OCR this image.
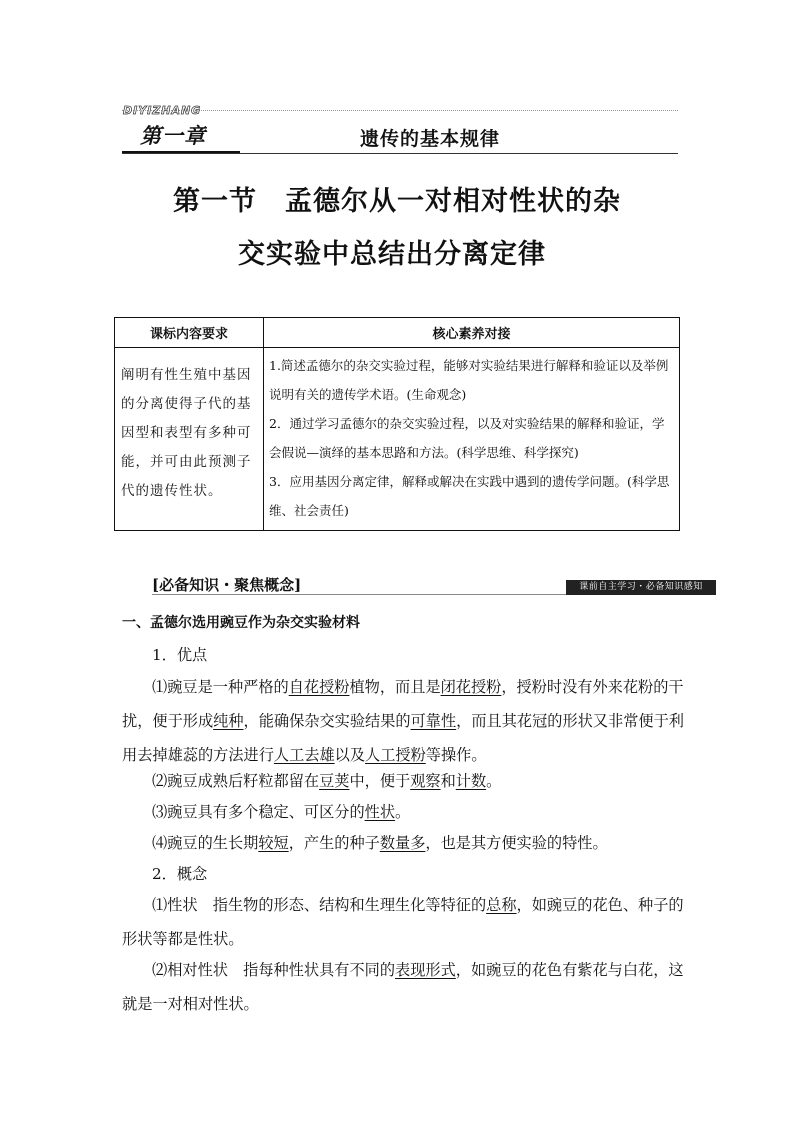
DIYIZHANG
第一章	遗传的基本规律
第一节　孟德尔从一对相对性状的杂
交实验中总结出分离定律
课标内容要求	核心素养对接
阐明有性生殖中基因的分离使得子代的基因型和表型有多种可能，并可由此预测子代的遗传性状。	1.简述孟德尔的杂交实验过程，能够对实验结果进行解释和验证以及举例说明有关的遗传学术语。(生命观念)
2．通过学习孟德尔的杂交实验过程，以及对实验结果的解释和验证，学会假说—演绎的基本思路和方法。(科学思维、科学探究)
3．应用基因分离定律，解释或解决在实践中遇到的遗传学问题。(科学思维、社会责任)
[必备知识・聚焦概念]	课前自主学习・必备知识感知

一、孟德尔选用豌豆作为杂交实验材料

1．优点

⑴豌豆是一种严格的自花授粉植物，而且是闭花授粉，授粉时没有外来花粉的干扰，便于形成纯种，能确保杂交实验结果的可靠性，而且其花冠的形状又非常便于利用去掉雄蕊的方法进行人工去雄以及人工授粉等操作。

⑵豌豆成熟后籽粒都留在豆荚中，便于观察和计数。

⑶豌豆具有多个稳定、可区分的性状。

⑷豌豆的生长期较短，产生的种子数量多，也是其方便实验的特性。

2．概念

⑴性状　指生物的形态、结构和生理生化等特征的总称，如豌豆的花色、种子的形状等都是性状。

⑵相对性状　指每种性状具有不同的表现形式，如豌豆的花色有紫花与白花，这就是一对相对性状。
